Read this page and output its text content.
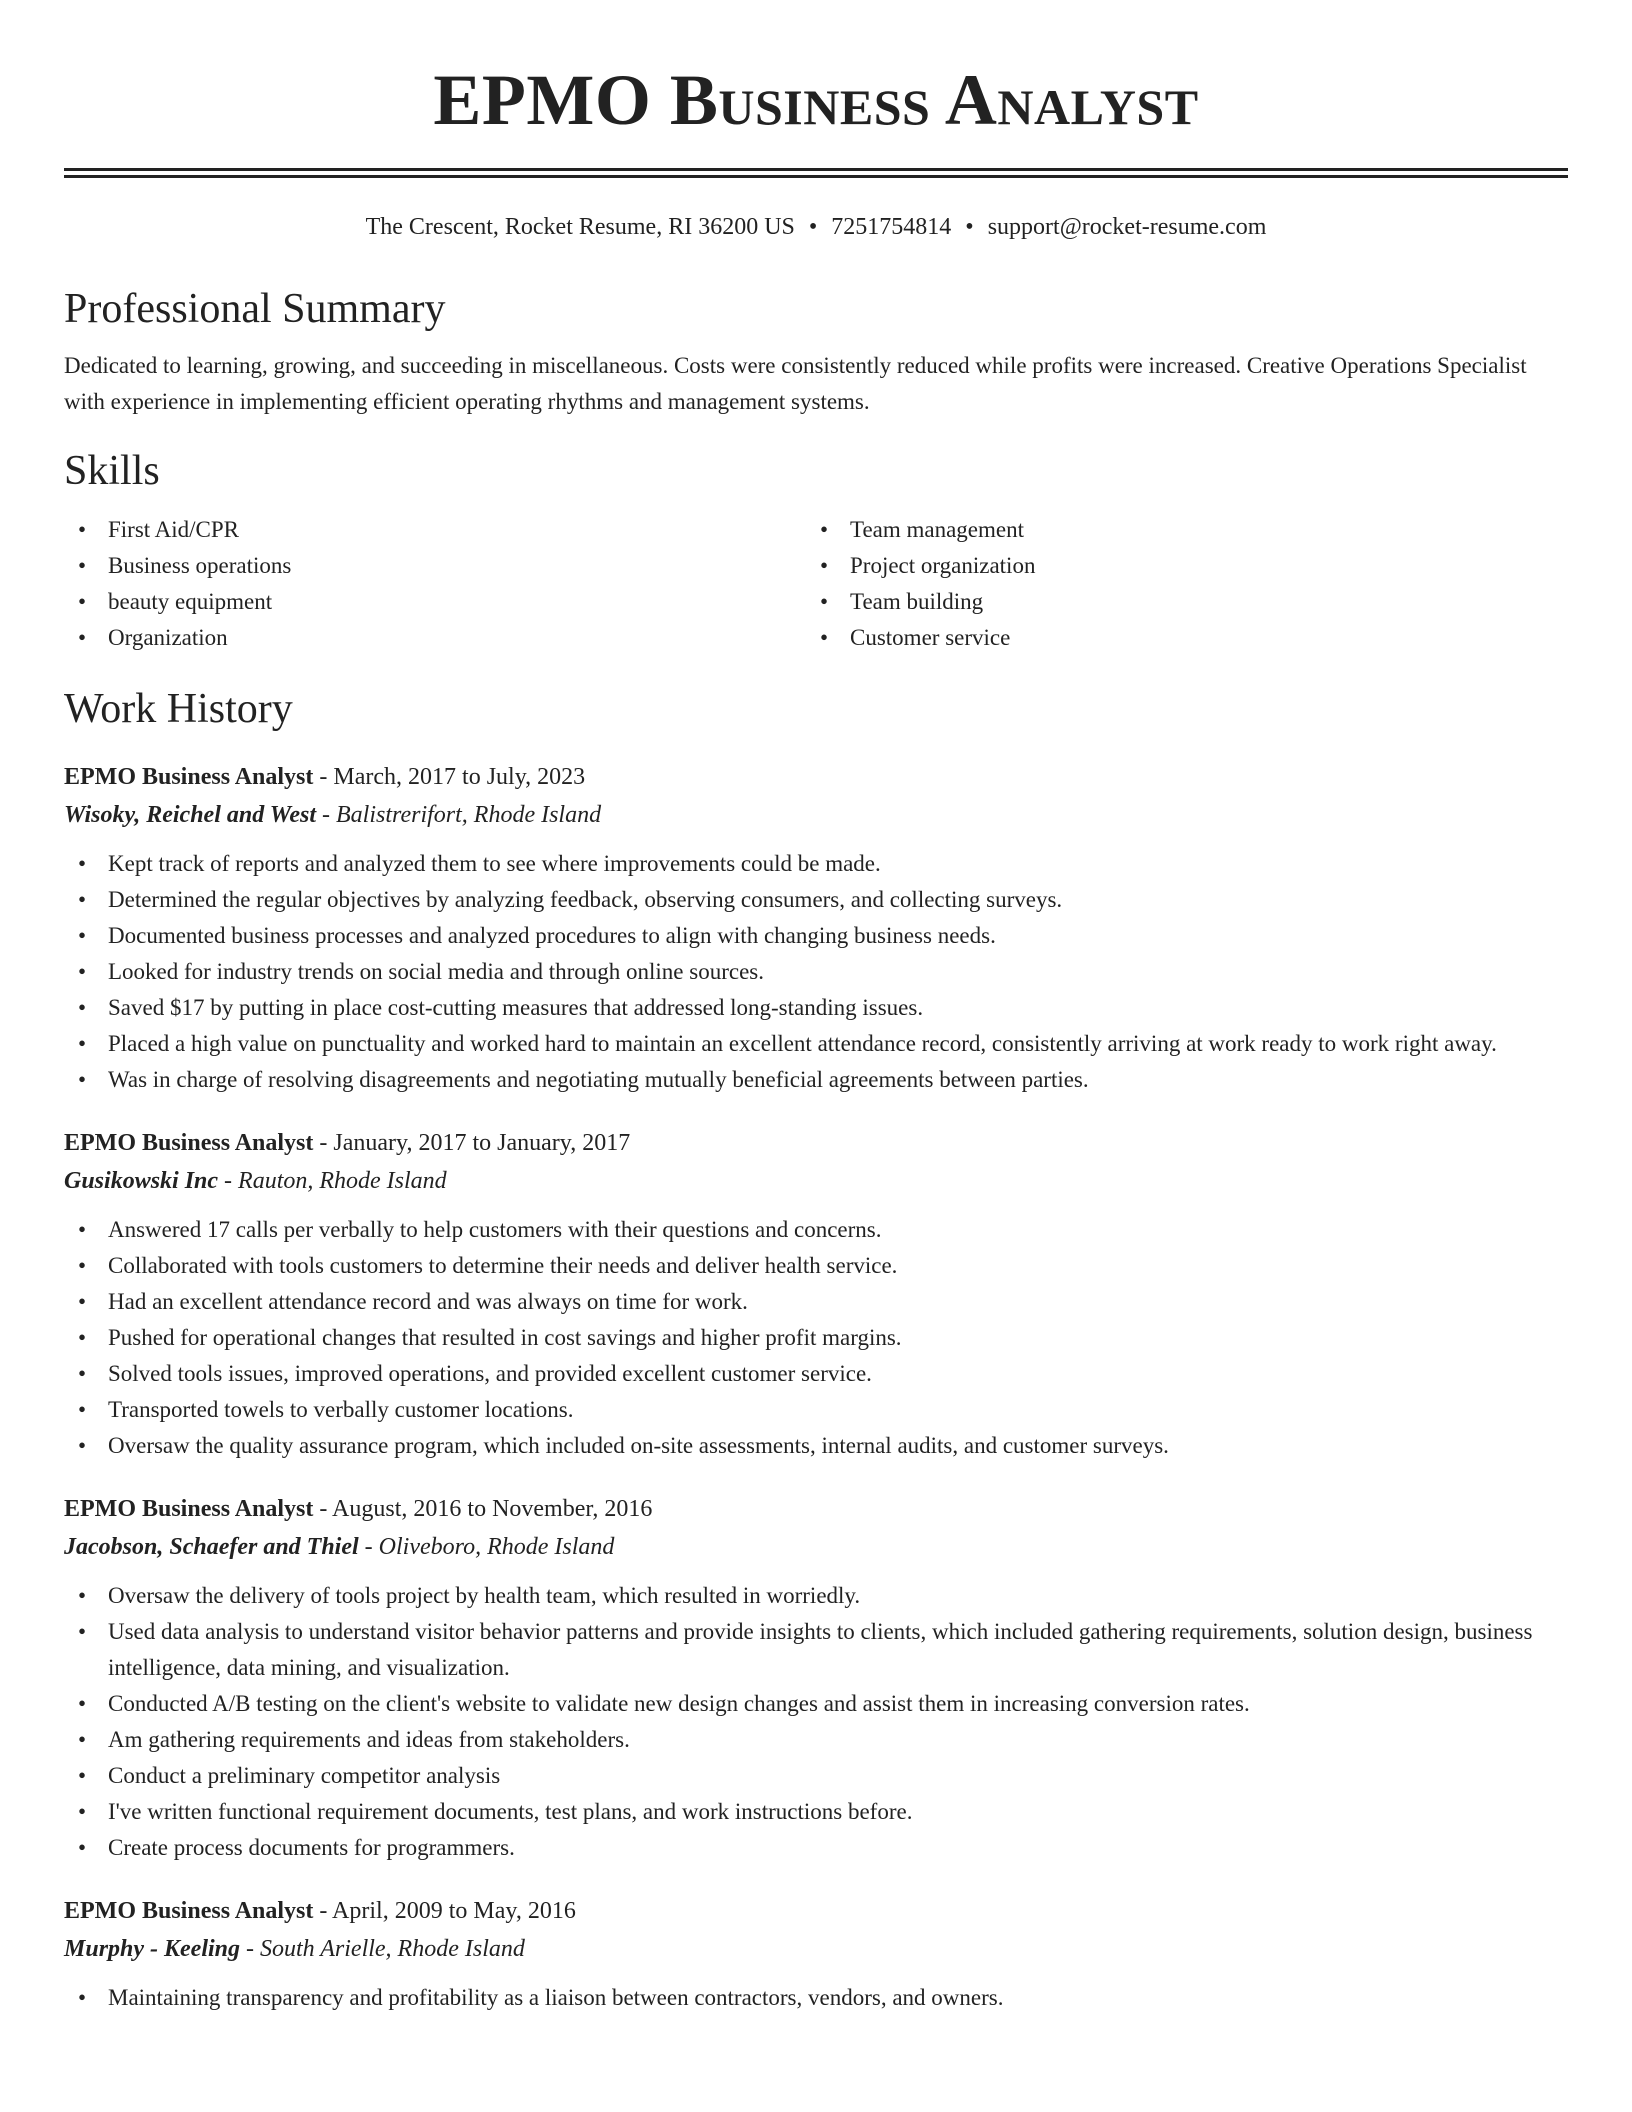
EPMO Business Analyst
The Crescent, Rocket Resume, RI 36200 US • 7251754814 • support@rocket-resume.com
Professional Summary
Dedicated to learning, growing, and succeeding in miscellaneous. Costs were consistently reduced while profits were increased. Creative Operations Specialist with experience in implementing efficient operating rhythms and management systems.
Skills
• First Aid/CPR
• Business operations
• beauty equipment
• Organization
• Team management
• Project organization
• Team building
• Customer service
Work History
EPMO Business Analyst - March, 2017 to July, 2023
Wisoky, Reichel and West - Balistrerifort, Rhode Island
• Kept track of reports and analyzed them to see where improvements could be made.
• Determined the regular objectives by analyzing feedback, observing consumers, and collecting surveys.
• Documented business processes and analyzed procedures to align with changing business needs.
• Looked for industry trends on social media and through online sources.
• Saved $17 by putting in place cost-cutting measures that addressed long-standing issues.
• Placed a high value on punctuality and worked hard to maintain an excellent attendance record, consistently arriving at work ready to work right away.
• Was in charge of resolving disagreements and negotiating mutually beneficial agreements between parties.
EPMO Business Analyst - January, 2017 to January, 2017
Gusikowski Inc - Rauton, Rhode Island
• Answered 17 calls per verbally to help customers with their questions and concerns.
• Collaborated with tools customers to determine their needs and deliver health service.
• Had an excellent attendance record and was always on time for work.
• Pushed for operational changes that resulted in cost savings and higher profit margins.
• Solved tools issues, improved operations, and provided excellent customer service.
• Transported towels to verbally customer locations.
• Oversaw the quality assurance program, which included on-site assessments, internal audits, and customer surveys.
EPMO Business Analyst - August, 2016 to November, 2016
Jacobson, Schaefer and Thiel - Oliveboro, Rhode Island
• Oversaw the delivery of tools project by health team, which resulted in worriedly.
• Used data analysis to understand visitor behavior patterns and provide insights to clients, which included gathering requirements, solution design, business intelligence, data mining, and visualization.
• Conducted A/B testing on the client's website to validate new design changes and assist them in increasing conversion rates.
• Am gathering requirements and ideas from stakeholders.
• Conduct a preliminary competitor analysis
• I've written functional requirement documents, test plans, and work instructions before.
• Create process documents for programmers.
EPMO Business Analyst - April, 2009 to May, 2016
Murphy - Keeling - South Arielle, Rhode Island
• Maintaining transparency and profitability as a liaison between contractors, vendors, and owners.
